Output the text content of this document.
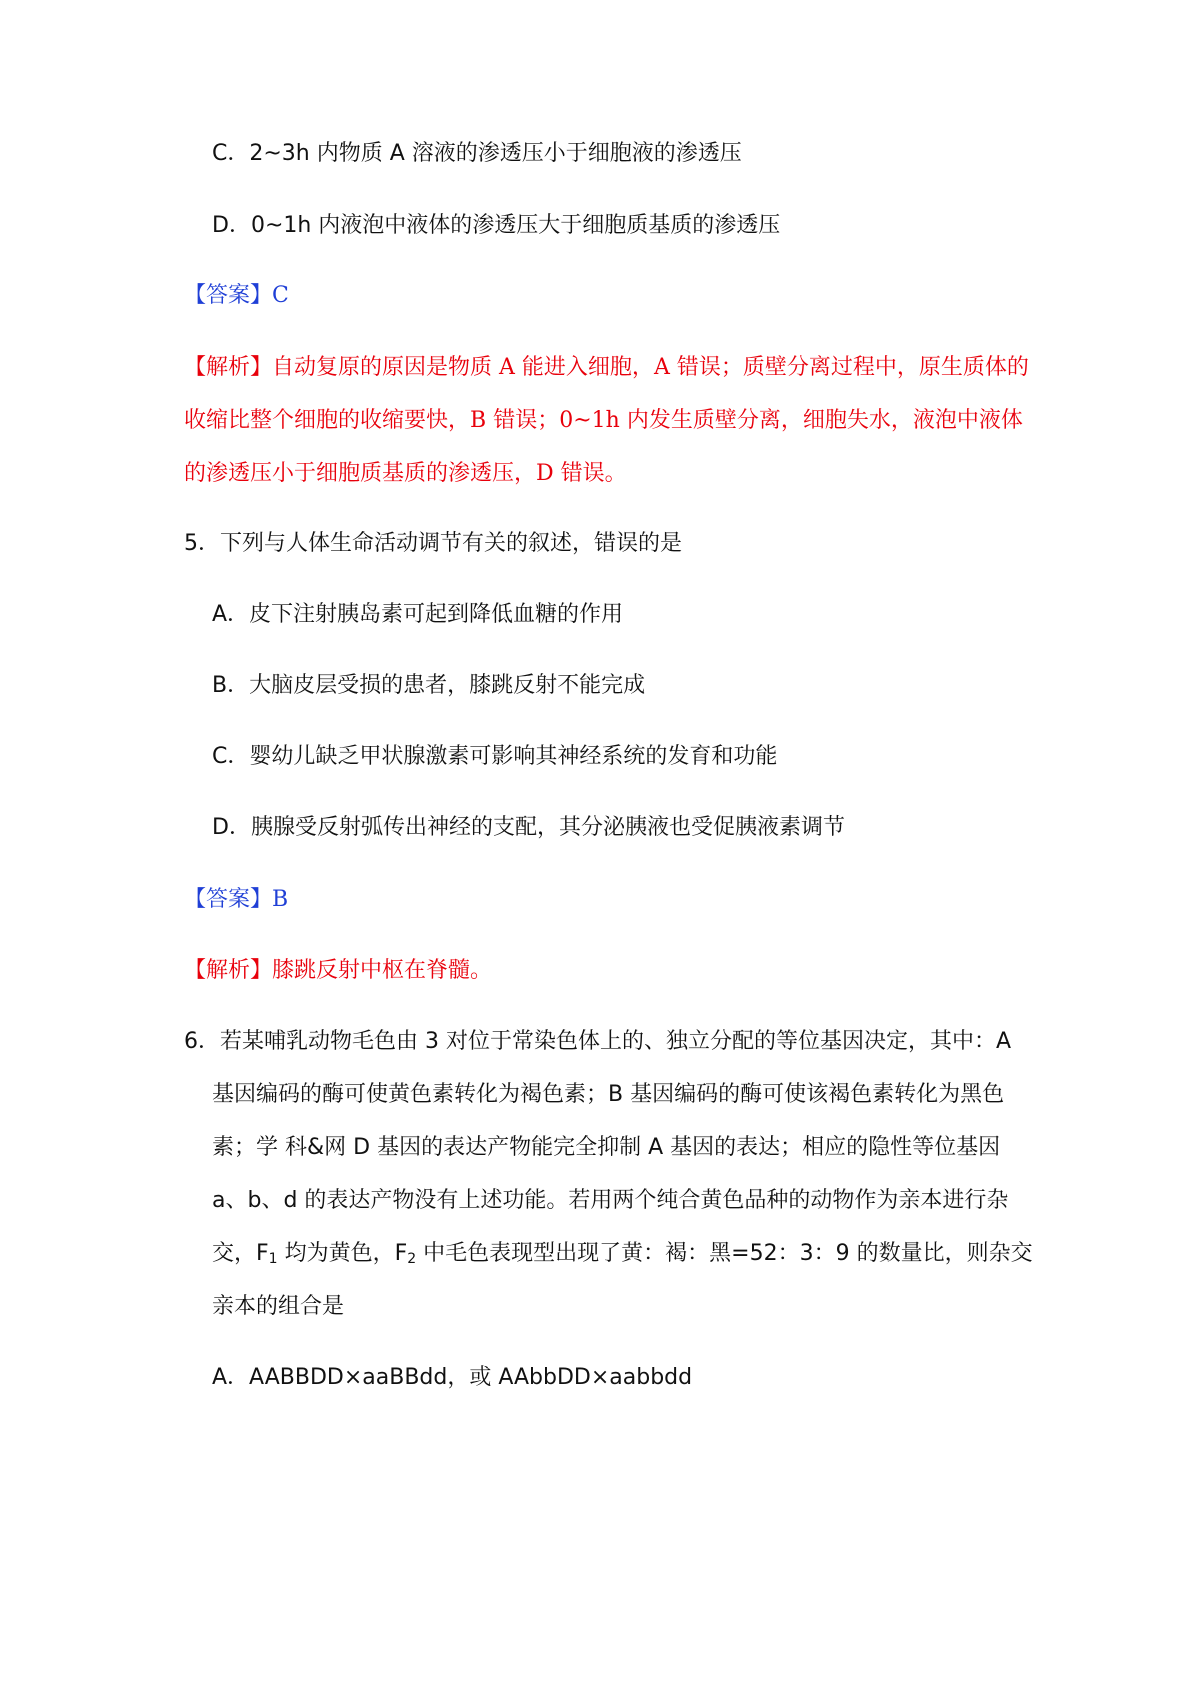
C．2~3h 内物质 A 溶液的渗透压小于细胞液的渗透压
D．0~1h 内液泡中液体的渗透压大于细胞质基质的渗透压
【答案】C
【解析】自动复原的原因是物质 A 能进入细胞，A 错误；质壁分离过程中，原生质体的
收缩比整个细胞的收缩要快，B 错误；0~1h 内发生质壁分离，细胞失水，液泡中液体
的渗透压小于细胞质基质的渗透压，D 错误。
5．下列与人体生命活动调节有关的叙述，错误的是
A．皮下注射胰岛素可起到降低血糖的作用
B．大脑皮层受损的患者，膝跳反射不能完成
C．婴幼儿缺乏甲状腺激素可影响其神经系统的发育和功能
D．胰腺受反射弧传出神经的支配，其分泌胰液也受促胰液素调节
【答案】B
【解析】膝跳反射中枢在脊髓。
6．若某哺乳动物毛色由 3 对位于常染色体上的、独立分配的等位基因决定，其中：A
基因编码的酶可使黄色素转化为褐色素；B 基因编码的酶可使该褐色素转化为黑色
素；学 科&网 D 基因的表达产物能完全抑制 A 基因的表达；相应的隐性等位基因
a、b、d 的表达产物没有上述功能。若用两个纯合黄色品种的动物作为亲本进行杂
交，$F_1$ 均为黄色，$F_2$ 中毛色表现型出现了黄：褐：黑=52：3：9 的数量比，则杂交
亲本的组合是
A．AABBDD×aaBBdd，或 AAbbDD×aabbdd
